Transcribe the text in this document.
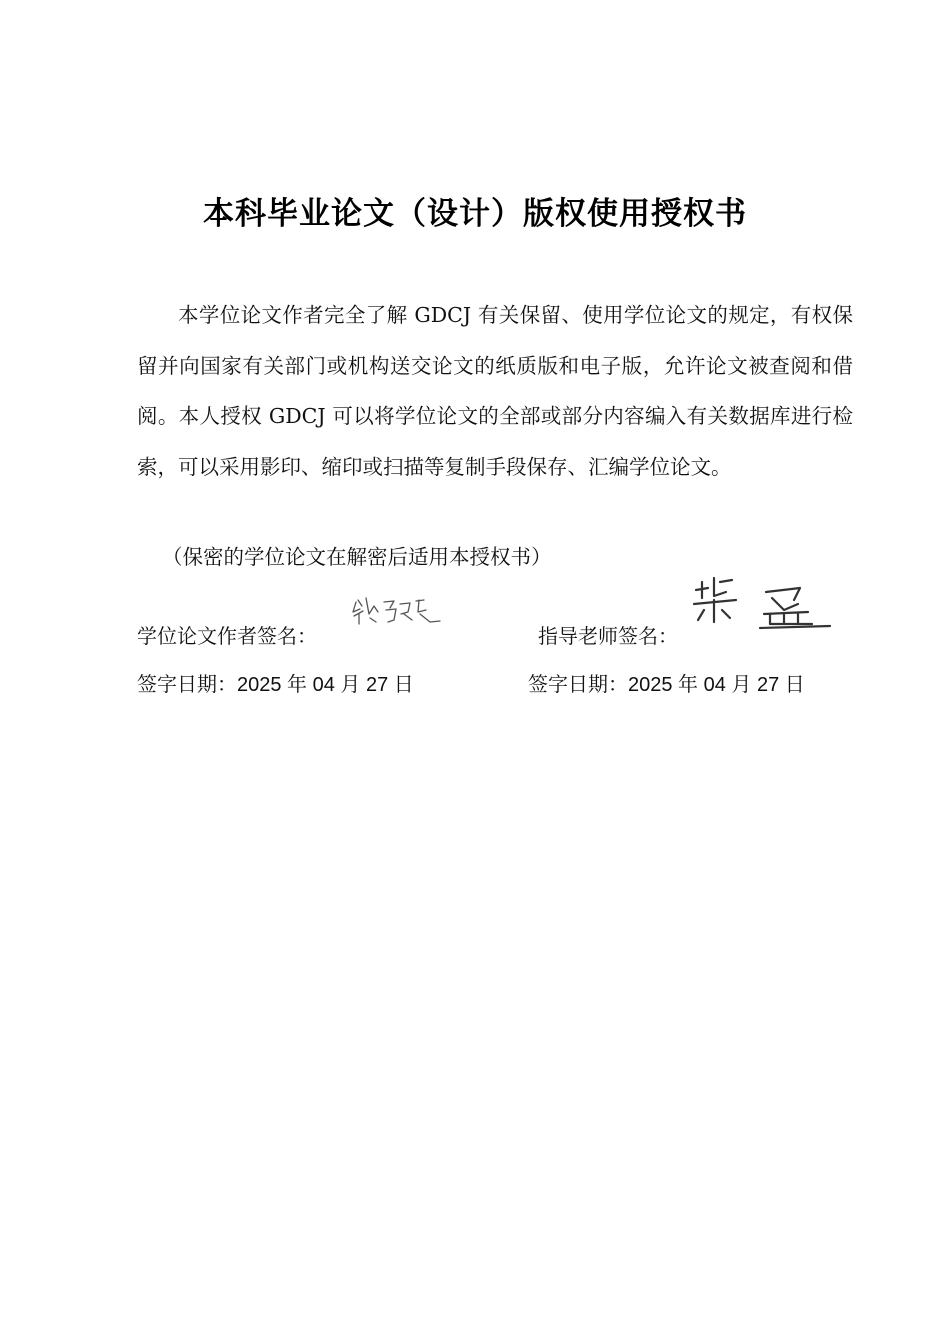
本科毕业论文（设计）版权使用授权书

本学位论文作者完全了解 GDCJ 有关保留、使用学位论文的规定，有权保留并向国家有关部门或机构送交论文的纸质版和电子版，允许论文被查阅和借阅。本人授权 GDCJ 可以将学位论文的全部或部分内容编入有关数据库进行检索，可以采用影印、缩印或扫描等复制手段保存、汇编学位论文。

（保密的学位论文在解密后适用本授权书）
学位论文作者签名：	指导老师签名：
签字日期：2025 年 04 月 27 日	签字日期：2025 年 04 月 27 日
